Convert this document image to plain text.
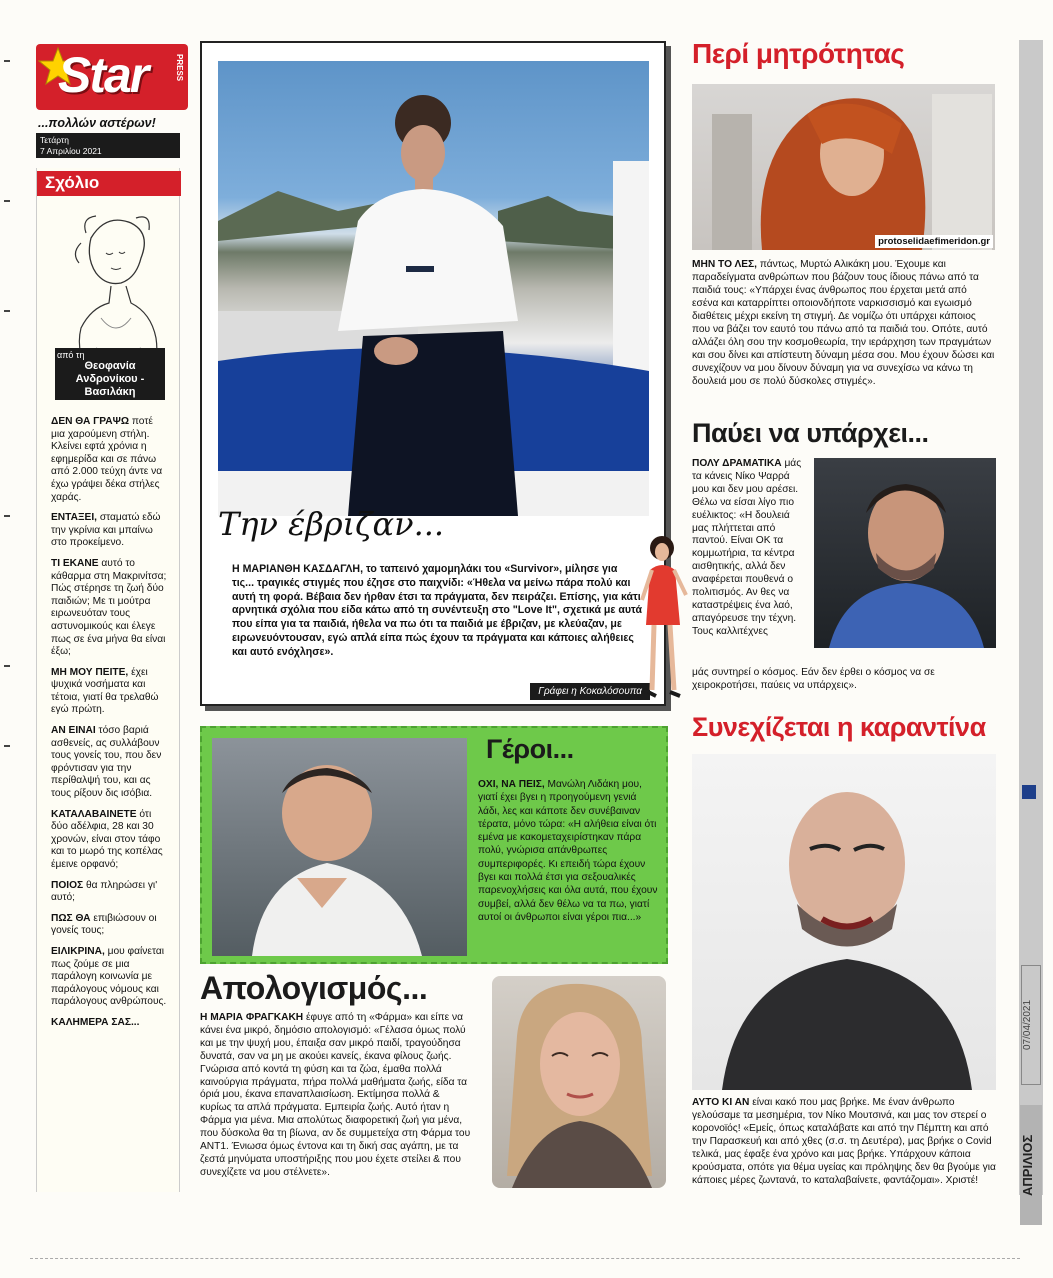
Star	PRESS
...πολλών αστέρων!
Τετάρτη
7 Απριλίου 2021
Σχόλιο
από τη
Θεοφανία Ανδρονίκου - Βασιλάκη

ΔΕΝ ΘΑ ΓΡΑΨΩ ποτέ μια χαρούμενη στήλη. Κλείνει εφτά χρόνια η εφημερίδα και σε πάνω από 2.000 τεύχη άντε να έχω γράψει δέκα στήλες χαράς.

ΕΝΤΑΞΕΙ, σταματώ εδώ την γκρίνια και μπαίνω στο προκείμενο.

ΤΙ ΕΚΑΝΕ αυτό το κάθαρμα στη Μακρινίτσα; Πώς στέρησε τη ζωή δύο παιδιών; Με τι μούτρα ειρωνευόταν τους αστυνομικούς και έλεγε πως σε ένα μήνα θα είναι έξω;

ΜΗ ΜΟΥ ΠΕΙΤΕ, έχει ψυχικά νοσήματα και τέτοια, γιατί θα τρελαθώ εγώ πρώτη.

ΑΝ ΕΙΝΑΙ τόσο βαριά ασθενείς, ας συλλάβουν τους γονείς του, που δεν φρόντισαν για την περίθαλψή του, και ας τους ρίξουν δις ισόβια.

ΚΑΤΑΛΑΒΑΙΝΕΤΕ ότι δύο αδέλφια, 28 και 30 χρονών, είναι στον τάφο και το μωρό της κοπέλας έμεινε ορφανό;

ΠΟΙΟΣ θα πληρώσει γι' αυτό;

ΠΩΣ ΘΑ επιβιώσουν οι γονείς τους;

ΕΙΛΙΚΡΙΝΑ, μου φαίνεται πως ζούμε σε μια παράλογη κοινωνία με παράλογους νόμους και παράλογους ανθρώπους.

ΚΑΛΗΜΕΡΑ ΣΑΣ...

Την έβριζαν...

Η ΜΑΡΙΑΝΘΗ ΚΑΣΔΑΓΛΗ, το ταπεινό χαμομηλάκι του «Survivor», μίλησε για τις... τραγικές στιγμές που έζησε στο παιχνίδι: «Ήθελα να μείνω πάρα πολύ και αυτή τη φορά. Βέβαια δεν ήρθαν έτσι τα πράγματα, δεν πειράζει. Επίσης, για κάτι αρνητικά σχόλια που είδα κάτω από τη συνέντευξη στο "Love It", σχετικά με αυτά που είπα για τα παιδιά, ήθελα να πω ότι τα παιδιά με έβριζαν, με κλεύαζαν, με ειρωνευόντουσαν, εγώ απλά είπα πώς έχουν τα πράγματα και κάποιες αλήθειες και αυτό ενόχλησε».

Γράφει η Κοκαλόσουπα
Γέροι...

ΟΧΙ, ΝΑ ΠΕΙΣ, Μανώλη Λιδάκη μου, γιατί έχει βγει η προηγούμενη γενιά λάδι, λες και κάποτε δεν συνέβαιναν τέρατα, μόνο τώρα: «Η αλήθεια είναι ότι εμένα με κακομεταχειρίστηκαν πάρα πολύ, γνώρισα απάνθρωπες συμπεριφορές. Κι επειδή τώρα έχουν βγει και πολλά έτσι για σεξουαλικές παρενοχλήσεις και όλα αυτά, που έχουν συμβεί, αλλά δεν θέλω να τα πω, γιατί αυτοί οι άνθρωποι είναι γέροι πια...»

Απολογισμός...

Η ΜΑΡΙΑ ΦΡΑΓΚΑΚΗ έφυγε από τη «Φάρμα» και είπε να κάνει ένα μικρό, δημόσιο απολογισμό: «Γέλασα όμως πολύ και με την ψυχή μου, έπαιξα σαν μικρό παιδί, τραγούδησα δυνατά, σαν να μη με ακούει κανείς, έκανα φίλους ζωής. Γνώρισα από κοντά τη φύση και τα ζώα, έμαθα πολλά καινούργια πράγματα, πήρα πολλά μαθήματα ζωής, είδα τα όριά μου, έκανα επαναπλαισίωση. Εκτίμησα πολλά & κυρίως τα απλά πράγματα. Εμπειρία ζωής. Αυτό ήταν η Φάρμα για μένα. Μια απολύτως διαφορετική ζωή για μένα, που δύσκολα θα τη βίωνα, αν δε συμμετείχα στη Φάρμα του ΑΝΤ1. Ένιωσα όμως έντονα και τη δική σας αγάπη, με τα ζεστά μηνύματα υποστήριξης που μου έχετε στείλει & που συνεχίζετε να μου στέλνετε».

Περί μητρότητας
protoselidaefimeridon.gr

ΜΗΝ ΤΟ ΛΕΣ, πάντως, Μυρτώ Αλικάκη μου. Έχουμε και παραδείγματα ανθρώπων που βάζουν τους ίδιους πάνω από τα παιδιά τους: «Υπάρχει ένας άνθρωπος που έρχεται μετά από εσένα και καταρρίπτει οποιονδήποτε ναρκισσισμό και εγωισμό διαθέτεις μέχρι εκείνη τη στιγμή. Δε νομίζω ότι υπάρχει κάποιος που να βάζει τον εαυτό του πάνω από τα παιδιά του. Οπότε, αυτό αλλάζει όλη σου την κοσμοθεωρία, την ιεράρχηση των πραγμάτων και σου δίνει και απίστευτη δύναμη μέσα σου. Μου έχουν δώσει και συνεχίζουν να μου δίνουν δύναμη για να συνεχίσω να κάνω τη δουλειά μου σε πολύ δύσκολες στιγμές».

Παύει να υπάρχει...

ΠΟΛΥ ΔΡΑΜΑΤΙΚΑ μάς τα κάνεις Νίκο Ψαρρά μου και δεν μου αρέσει. Θέλω να είσαι λίγο πιο ευέλικτος: «Η δουλειά μας πλήττεται από παντού. Είναι ΟΚ τα κομμωτήρια, τα κέντρα αισθητικής, αλλά δεν αναφέρεται πουθενά ο πολιτισμός. Αν θες να καταστρέψεις ένα λαό, απαγόρευσε την τέχνη. Τους καλλιτέχνες

μάς συντηρεί ο κόσμος. Εάν δεν έρθει ο κόσμος να σε χειροκροτήσει, παύεις να υπάρχεις».

Συνεχίζεται η καραντίνα

ΑΥΤΟ ΚΙ ΑΝ είναι κακό που μας βρήκε. Με έναν άνθρωπο γελούσαμε τα μεσημέρια, τον Νίκο Μουτσινά, και μας τον στερεί ο κορονοϊός! «Εμείς, όπως καταλάβατε και από την Πέμπτη και από την Παρασκευή και από χθες (σ.σ. τη Δευτέρα), μας βρήκε ο Covid τελικά, μας έφαξε ένα χρόνο και μας βρήκε. Υπάρχουν κάποια κρούσματα, οπότε για θέμα υγείας και πρόληψης δεν θα βγούμε για κάποιες μέρες ζωντανά, το καταλαβαίνετε, φαντάζομαι». Χριστέ!

07/04/2021
ΑΠΡΙΛΙΟΣ
